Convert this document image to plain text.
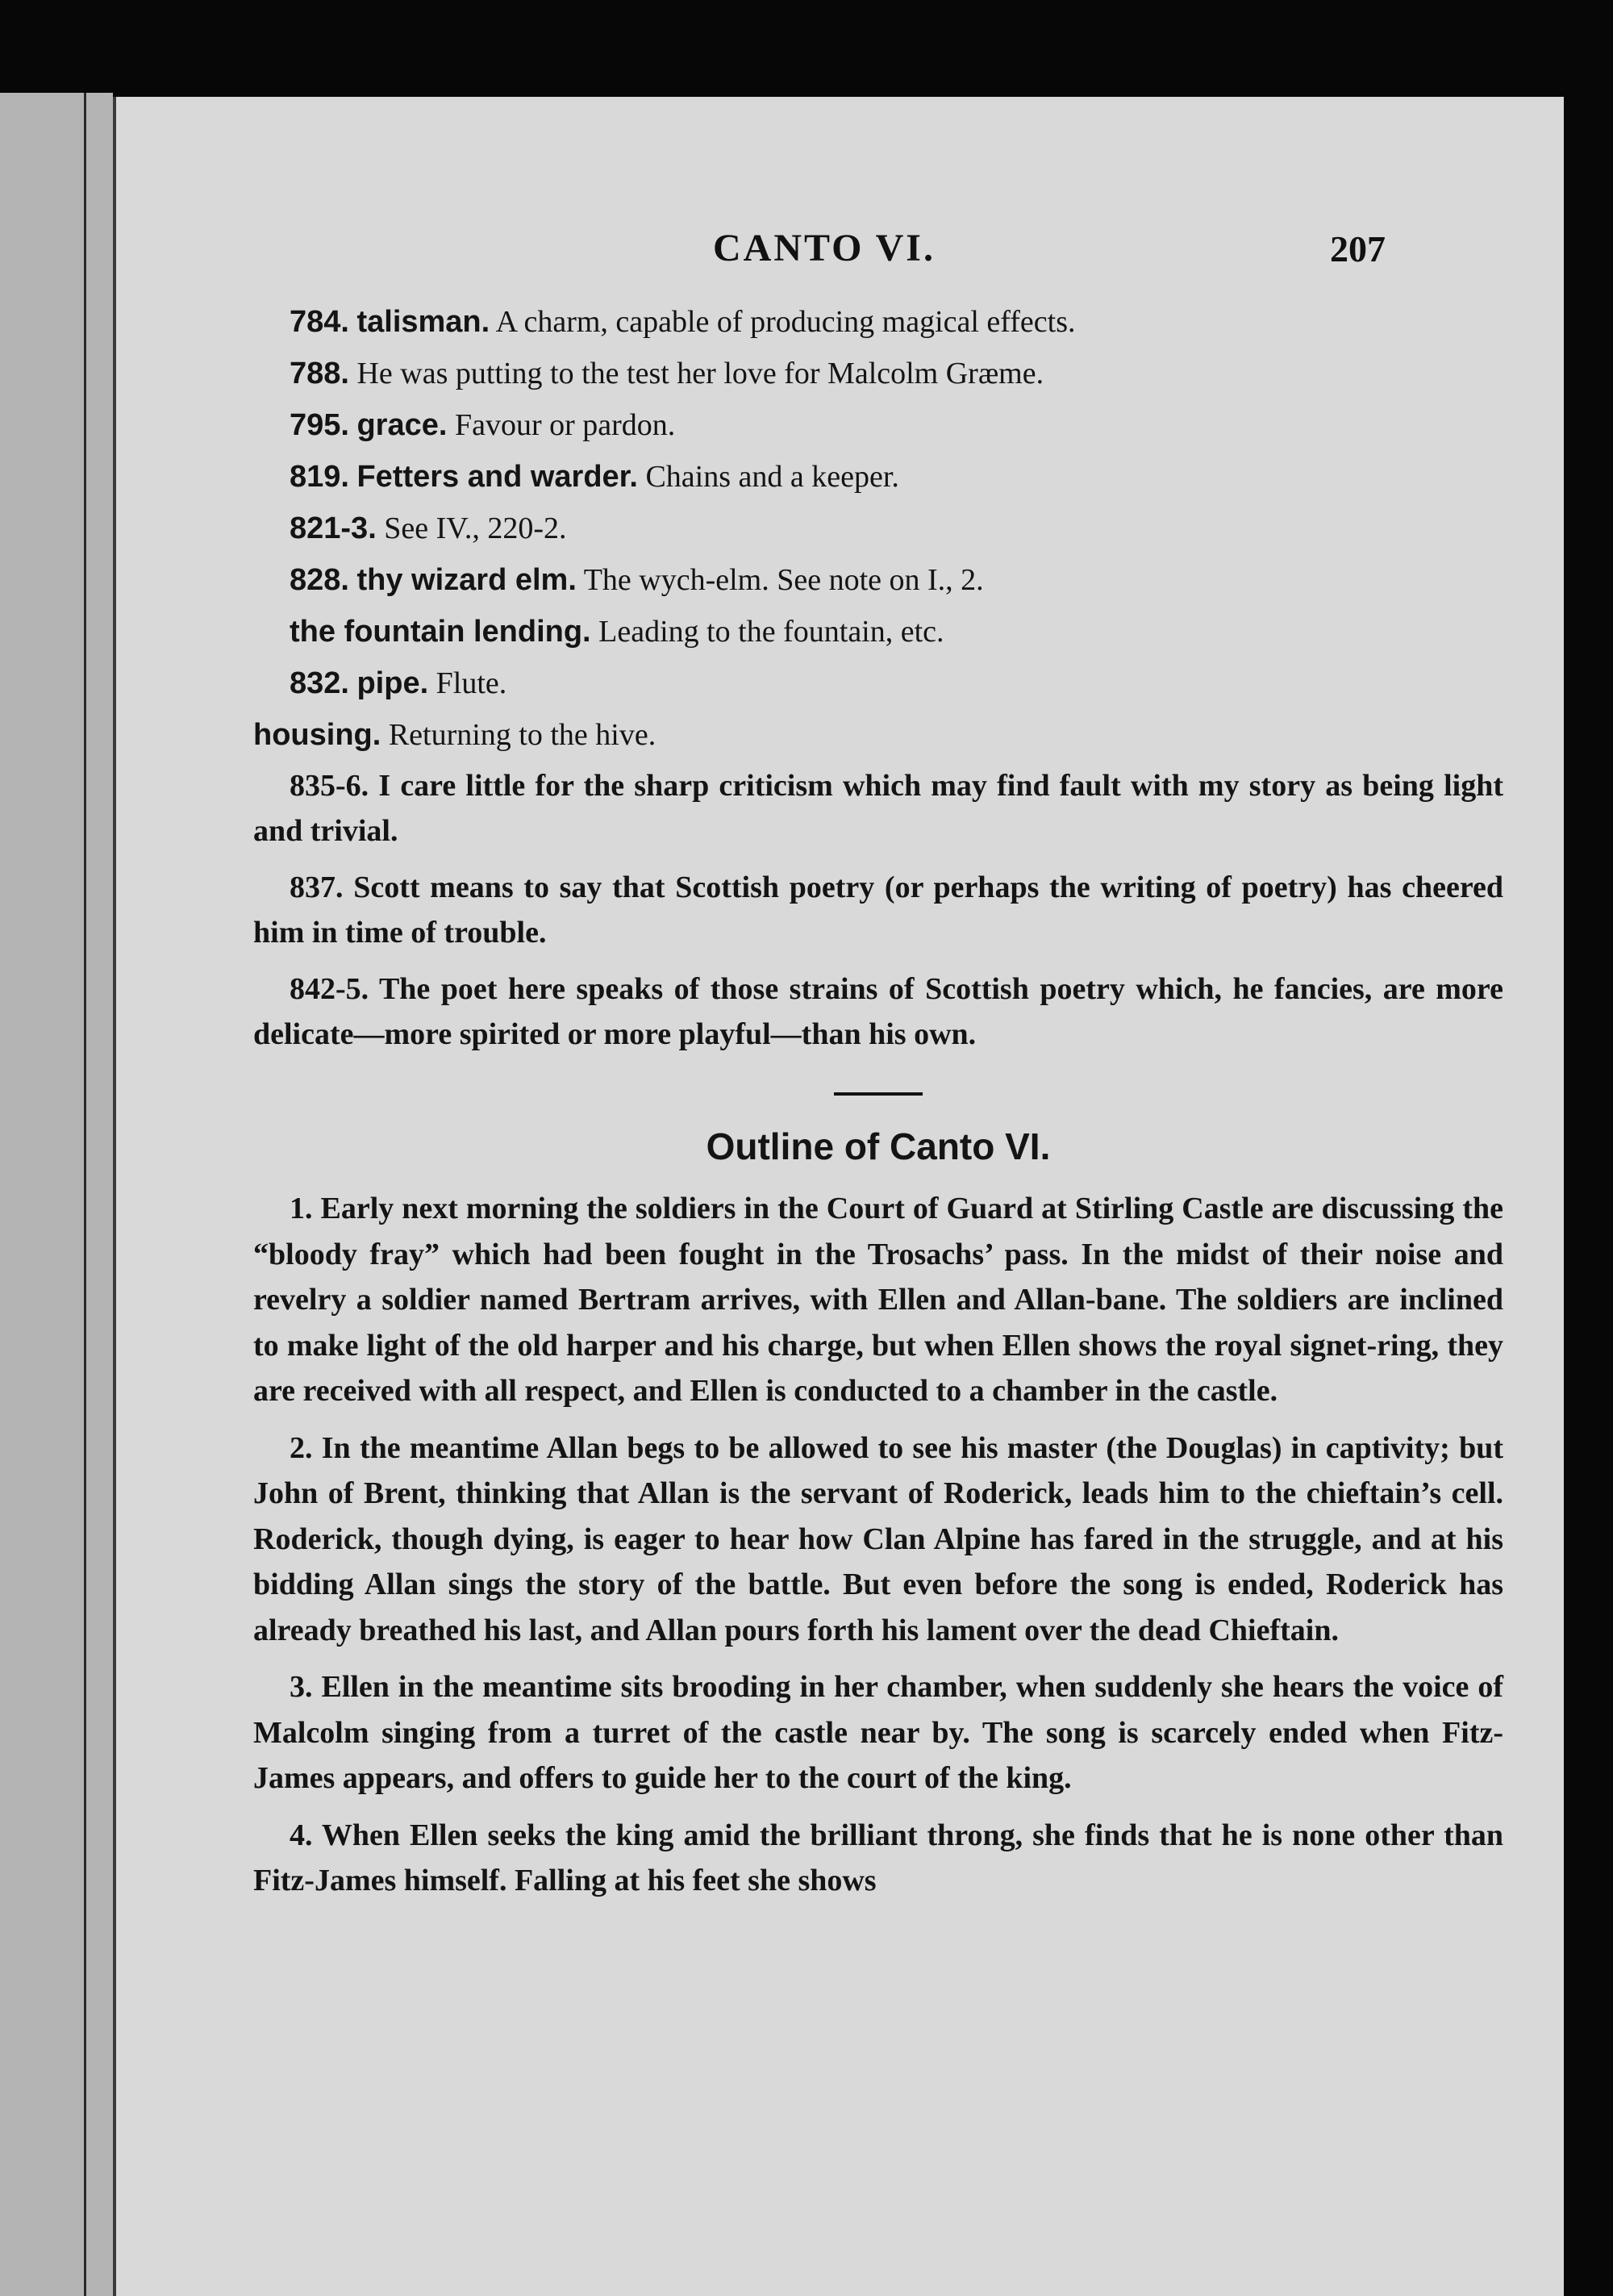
CANTO VI.	207
784. talisman. A charm, capable of producing magical effects.
788. He was putting to the test her love for Malcolm Græme.
795. grace. Favour or pardon.
819. Fetters and warder. Chains and a keeper.
821-3. See IV., 220-2.
828. thy wizard elm. The wych-elm. See note on I., 2.
the fountain lending. Leading to the fountain, etc.
832. pipe. Flute.
housing. Returning to the hive.
835-6. I care little for the sharp criticism which may find fault with my story as being light and trivial.
837. Scott means to say that Scottish poetry (or perhaps the writing of poetry) has cheered him in time of trouble.
842-5. The poet here speaks of those strains of Scottish poetry which, he fancies, are more delicate—more spirited or more playful—than his own.
Outline of Canto VI.

1. Early next morning the soldiers in the Court of Guard at Stirling Castle are discussing the “bloody fray” which had been fought in the Trosachs’ pass. In the midst of their noise and revelry a soldier named Bertram arrives, with Ellen and Allan-bane. The soldiers are inclined to make light of the old harper and his charge, but when Ellen shows the royal signet-ring, they are received with all respect, and Ellen is conducted to a chamber in the castle.

2. In the meantime Allan begs to be allowed to see his master (the Douglas) in captivity; but John of Brent, thinking that Allan is the servant of Roderick, leads him to the chieftain’s cell. Roderick, though dying, is eager to hear how Clan Alpine has fared in the struggle, and at his bidding Allan sings the story of the battle. But even before the song is ended, Roderick has already breathed his last, and Allan pours forth his lament over the dead Chieftain.

3. Ellen in the meantime sits brooding in her chamber, when suddenly she hears the voice of Malcolm singing from a turret of the castle near by. The song is scarcely ended when Fitz-James appears, and offers to guide her to the court of the king.

4. When Ellen seeks the king amid the brilliant throng, she finds that he is none other than Fitz-James himself. Falling at his feet she shows
